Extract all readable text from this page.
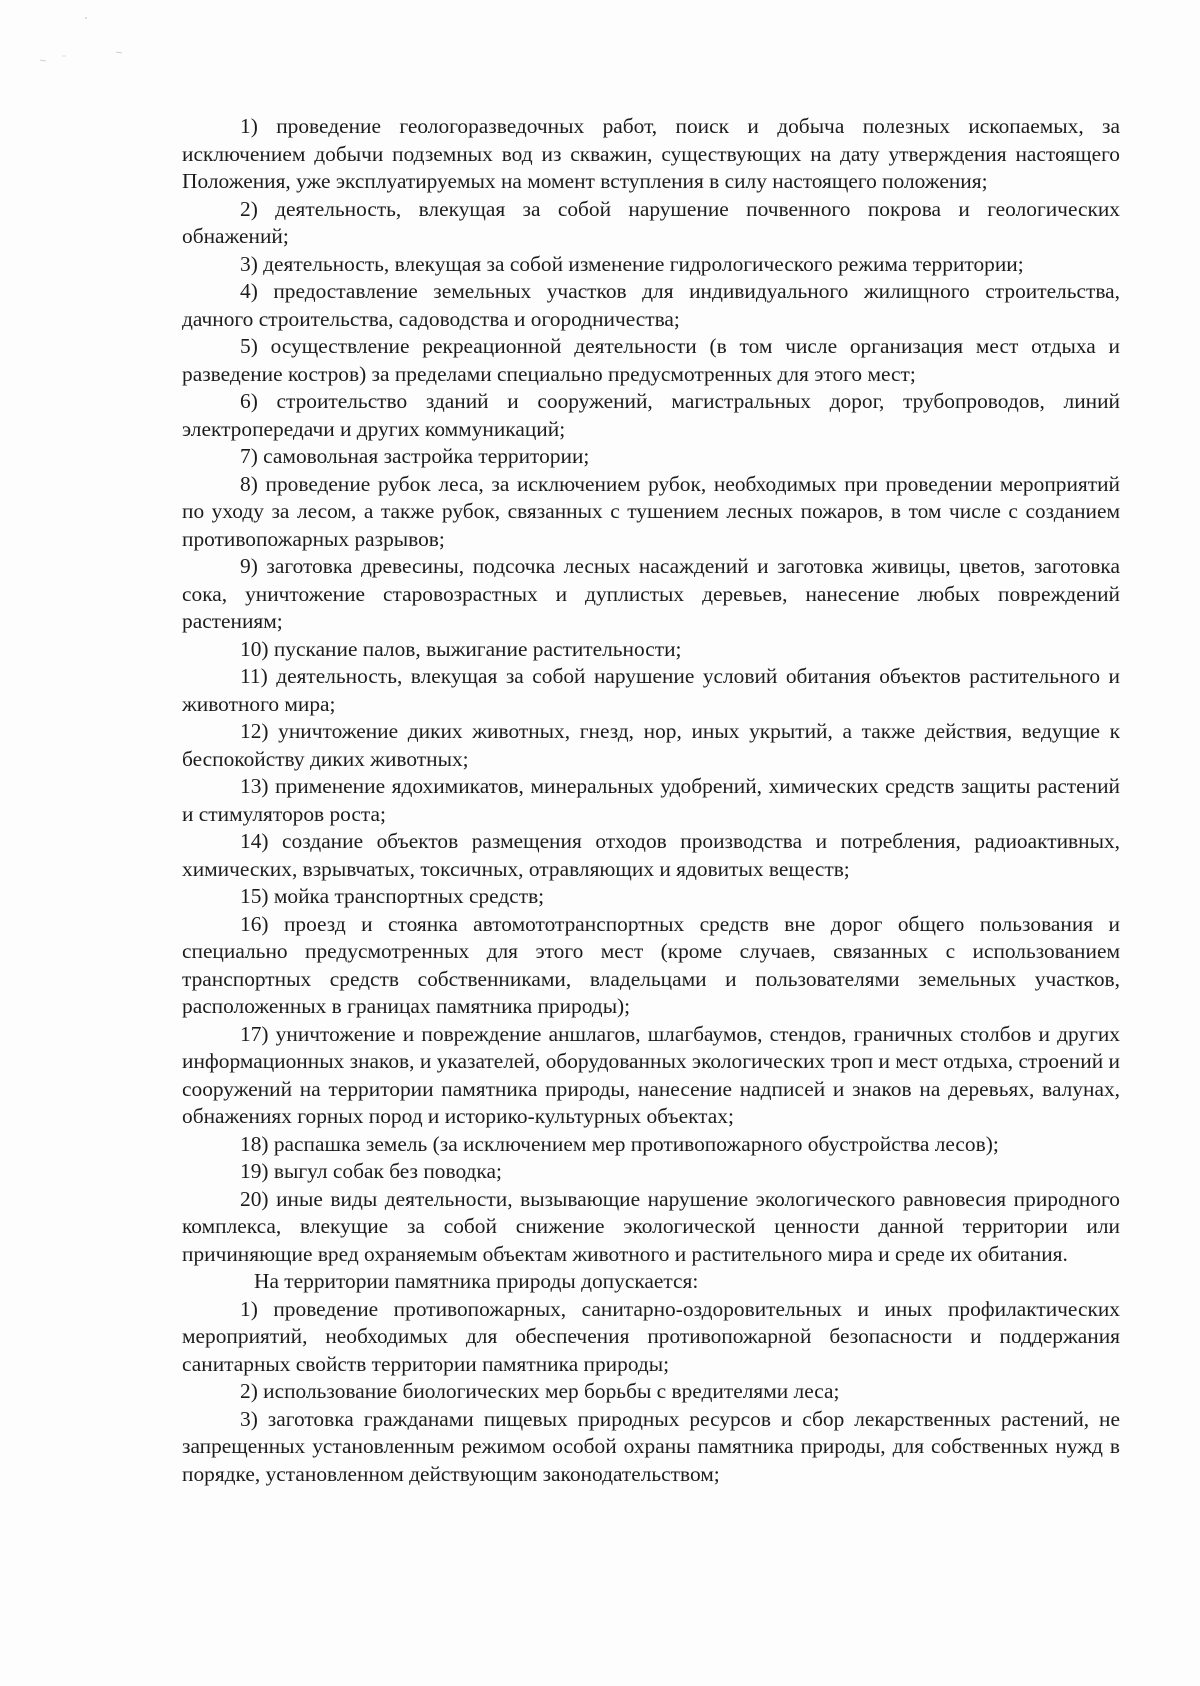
1) проведение геологоразведочных работ, поиск и добыча полезных ископаемых, за исключением добычи подземных вод из скважин, существующих на дату утверждения настоящего Положения, уже эксплуатируемых на момент вступления в силу настоящего положения;

2) деятельность, влекущая за собой нарушение почвенного покрова и геологических обнажений;

3) деятельность, влекущая за собой изменение гидрологического режима территории;

4) предоставление земельных участков для индивидуального жилищного строительства, дачного строительства, садоводства и огородничества;

5) осуществление рекреационной деятельности (в том числе организация мест отдыха и разведение костров) за пределами специально предусмотренных для этого мест;

6) строительство зданий и сооружений, магистральных дорог, трубопроводов, линий электропередачи и других коммуникаций;

7) самовольная застройка территории;

8) проведение рубок леса, за исключением рубок, необходимых при проведении мероприятий по уходу за лесом, а также рубок, связанных с тушением лесных пожаров, в том числе с созданием противопожарных разрывов;

9) заготовка древесины, подсочка лесных насаждений и заготовка живицы, цветов, заготовка сока, уничтожение старовозрастных и дуплистых деревьев, нанесение любых повреждений растениям;

10) пускание палов, выжигание растительности;

11) деятельность, влекущая за собой нарушение условий обитания объектов растительного и животного мира;

12) уничтожение диких животных, гнезд, нор, иных укрытий, а также действия, ведущие к беспокойству диких животных;

13) применение ядохимикатов, минеральных удобрений, химических средств защиты растений и стимуляторов роста;

14) создание объектов размещения отходов производства и потребления, радиоактивных, химических, взрывчатых, токсичных, отравляющих и ядовитых веществ;

15) мойка транспортных средств;

16) проезд и стоянка автомототранспортных средств вне дорог общего пользования и специально предусмотренных для этого мест (кроме случаев, связанных с использованием транспортных средств собственниками, владельцами и пользователями земельных участков, расположенных в границах памятника природы);

17) уничтожение и повреждение аншлагов, шлагбаумов, стендов, граничных столбов и других информационных знаков, и указателей, оборудованных экологических троп и мест отдыха, строений и сооружений на территории памятника природы, нанесение надписей и знаков на деревьях, валунах, обнажениях горных пород и историко-культурных объектах;

18) распашка земель (за исключением мер противопожарного обустройства лесов);

19) выгул собак без поводка;

20) иные виды деятельности, вызывающие нарушение экологического равновесия природного комплекса, влекущие за собой снижение экологической ценности данной территории или причиняющие вред охраняемым объектам животного и растительного мира и среде их обитания.

На территории памятника природы допускается:

1) проведение противопожарных, санитарно-оздоровительных и иных профилактических мероприятий, необходимых для обеспечения противопожарной безопасности и поддержания санитарных свойств территории памятника природы;

2) использование биологических мер борьбы с вредителями леса;

3) заготовка гражданами пищевых природных ресурсов и сбор лекарственных растений, не запрещенных установленным режимом особой охраны памятника природы, для собственных нужд в порядке, установленном действующим законодательством;
